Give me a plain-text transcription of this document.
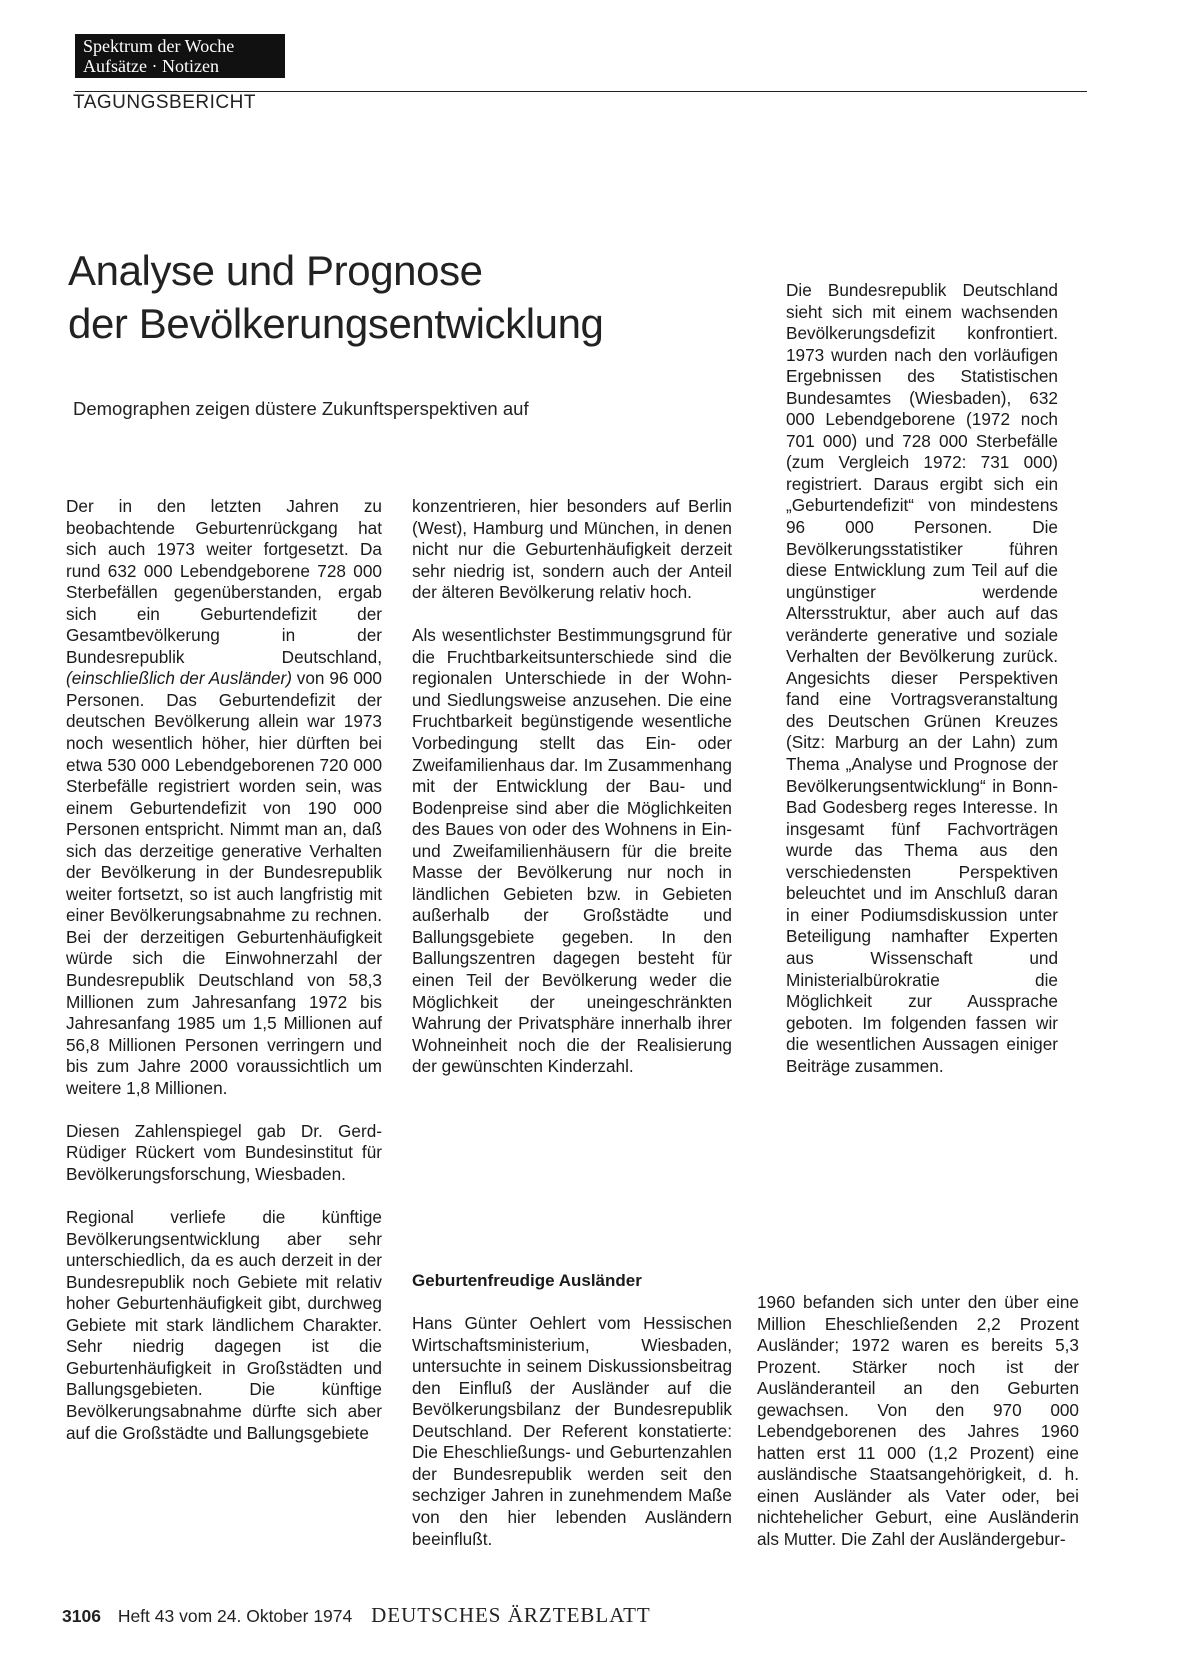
Spektrum der Woche
Aufsätze · Notizen
TAGUNGSBERICHT
Analyse und Prognose
der Bevölkerungsentwicklung
Demographen zeigen düstere Zukunftsperspektiven auf

Der in den letzten Jahren zu beobachtende Geburtenrückgang hat sich auch 1973 weiter fortgesetzt. Da rund 632 000 Lebendgeborene 728 000 Sterbefällen gegenüberstanden, ergab sich ein Geburtendefizit der Gesamtbevölkerung in der Bundesrepublik Deutschland, (einschließlich der Ausländer) von 96 000 Personen. Das Geburtendefizit der deutschen Bevölkerung allein war 1973 noch wesentlich höher, hier dürften bei etwa 530 000 Lebendgeborenen 720 000 Sterbefälle registriert worden sein, was einem Geburtendefizit von 190 000 Personen entspricht. Nimmt man an, daß sich das derzeitige generative Verhalten der Bevölkerung in der Bundesrepublik weiter fortsetzt, so ist auch langfristig mit einer Bevölkerungsabnahme zu rechnen. Bei der derzeitigen Geburtenhäufigkeit würde sich die Einwohnerzahl der Bundesrepublik Deutschland von 58,3 Millionen zum Jahresanfang 1972 bis Jahresanfang 1985 um 1,5 Millionen auf 56,8 Millionen Personen verringern und bis zum Jahre 2000 voraussichtlich um weitere 1,8 Millionen.

Diesen Zahlenspiegel gab Dr. Gerd-Rüdiger Rückert vom Bundesinstitut für Bevölkerungsforschung, Wiesbaden.

Regional verliefe die künftige Bevölkerungsentwicklung aber sehr unterschiedlich, da es auch derzeit in der Bundesrepublik noch Gebiete mit relativ hoher Geburtenhäufigkeit gibt, durchweg Gebiete mit stark ländlichem Charakter. Sehr niedrig dagegen ist die Geburtenhäufigkeit in Großstädten und Ballungsgebieten. Die künftige Bevölkerungsabnahme dürfte sich aber auf die Großstädte und Ballungsgebiete

konzentrieren, hier besonders auf Berlin (West), Hamburg und München, in denen nicht nur die Geburtenhäufigkeit derzeit sehr niedrig ist, sondern auch der Anteil der älteren Bevölkerung relativ hoch.

Als wesentlichster Bestimmungsgrund für die Fruchtbarkeitsunterschiede sind die regionalen Unterschiede in der Wohn- und Siedlungsweise anzusehen. Die eine Fruchtbarkeit begünstigende wesentliche Vorbedingung stellt das Ein- oder Zweifamilienhaus dar. Im Zusammenhang mit der Entwicklung der Bau- und Bodenpreise sind aber die Möglichkeiten des Baues von oder des Wohnens in Ein- und Zweifamilienhäusern für die breite Masse der Bevölkerung nur noch in ländlichen Gebieten bzw. in Gebieten außerhalb der Großstädte und Ballungsgebiete gegeben. In den Ballungszentren dagegen besteht für einen Teil der Bevölkerung weder die Möglichkeit der uneingeschränkten Wahrung der Privatsphäre innerhalb ihrer Wohneinheit noch die der Realisierung der gewünschten Kinderzahl.

Geburtenfreudige Ausländer

Hans Günter Oehlert vom Hessischen Wirtschaftsministerium, Wiesbaden, untersuchte in seinem Diskussionsbeitrag den Einfluß der Ausländer auf die Bevölkerungsbilanz der Bundesrepublik Deutschland. Der Referent konstatierte: Die Eheschließungs- und Geburtenzahlen der Bundesrepublik werden seit den sechziger Jahren in zunehmendem Maße von den hier lebenden Ausländern beeinflußt.

Die Bundesrepublik Deutschland sieht sich mit einem wachsenden Bevölkerungsdefizit konfrontiert. 1973 wurden nach den vorläufigen Ergebnissen des Statistischen Bundesamtes (Wiesbaden), 632 000 Lebendgeborene (1972 noch 701 000) und 728 000 Sterbefälle (zum Vergleich 1972: 731 000) registriert. Daraus ergibt sich ein „Geburtendefizit“ von mindestens 96 000 Personen. Die Bevölkerungsstatistiker führen diese Entwicklung zum Teil auf die ungünstiger werdende Altersstruktur, aber auch auf das veränderte generative und soziale Verhalten der Bevölkerung zurück. Angesichts dieser Perspektiven fand eine Vortragsveranstaltung des Deutschen Grünen Kreuzes (Sitz: Marburg an der Lahn) zum Thema „Analyse und Prognose der Bevölkerungsentwicklung“ in Bonn-Bad Godesberg reges Interesse. In insgesamt fünf Fachvorträgen wurde das Thema aus den verschiedensten Perspektiven beleuchtet und im Anschluß daran in einer Podiumsdiskussion unter Beteiligung namhafter Experten aus Wissenschaft und Ministerialbürokratie die Möglichkeit zur Aussprache geboten. Im folgenden fassen wir die wesentlichen Aussagen einiger Beiträge zusammen.

1960 befanden sich unter den über eine Million Eheschließenden 2,2 Prozent Ausländer; 1972 waren es bereits 5,3 Prozent. Stärker noch ist der Ausländeranteil an den Geburten gewachsen. Von den 970 000 Lebendgeborenen des Jahres 1960 hatten erst 11 000 (1,2 Prozent) eine ausländische Staatsangehörigkeit, d. h. einen Ausländer als Vater oder, bei nichtehelicher Geburt, eine Ausländerin als Mutter. Die Zahl der Ausländergebur-

3106 Heft 43 vom 24. Oktober 1974 DEUTSCHES ÄRZTEBLATT
